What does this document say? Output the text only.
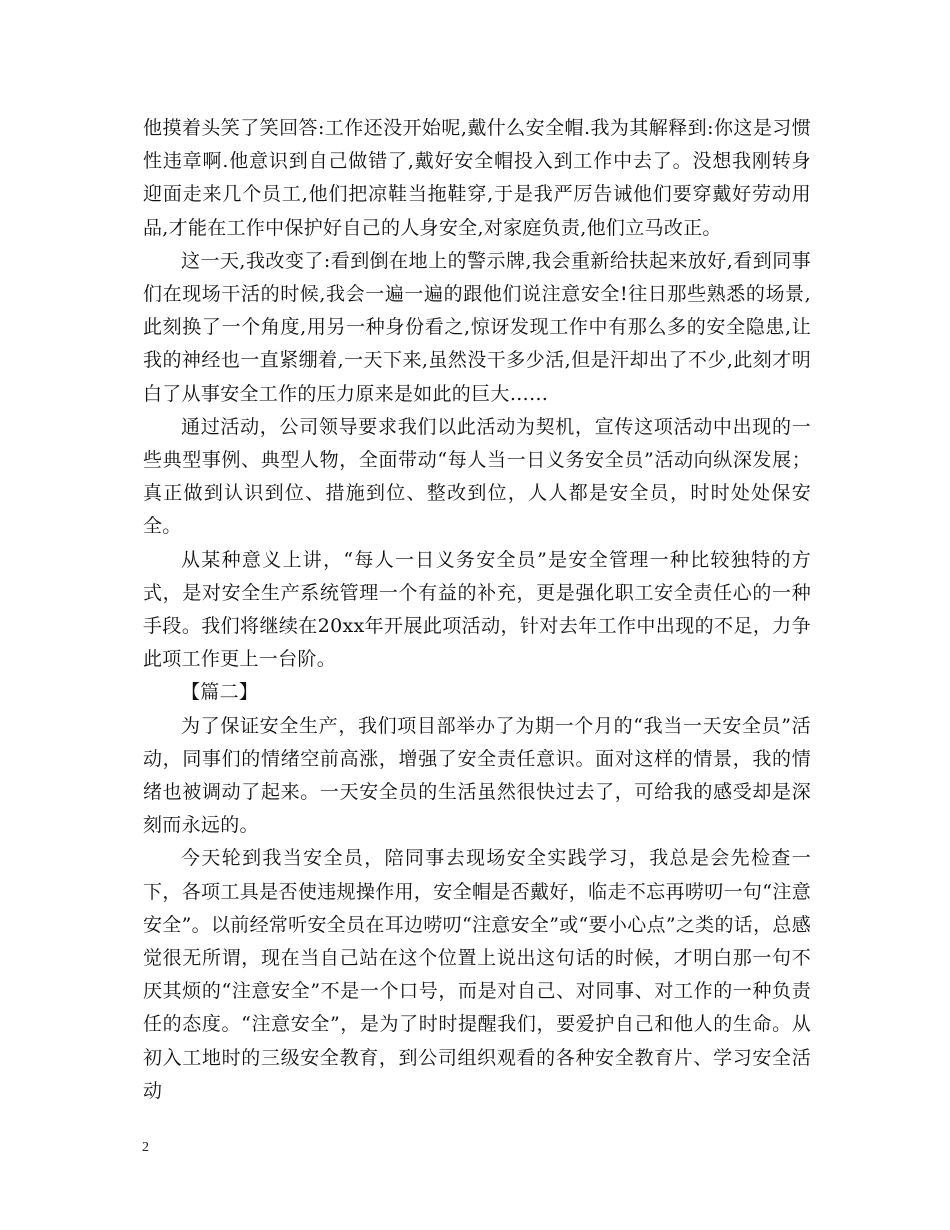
他摸着头笑了笑回答:工作还没开始呢,戴什么安全帽.我为其解释到:你这是习惯性违章啊.他意识到自己做错了,戴好安全帽投入到工作中去了。没想我刚转身迎面走来几个员工,他们把凉鞋当拖鞋穿,于是我严厉告诫他们要穿戴好劳动用品,才能在工作中保护好自己的人身安全,对家庭负责,他们立马改正。

这一天,我改变了:看到倒在地上的警示牌,我会重新给扶起来放好,看到同事们在现场干活的时候,我会一遍一遍的跟他们说注意安全!往日那些熟悉的场景,此刻换了一个角度,用另一种身份看之,惊讶发现工作中有那么多的安全隐患,让我的神经也一直紧绷着,一天下来,虽然没干多少活,但是汗却出了不少,此刻才明白了从事安全工作的压力原来是如此的巨大……

通过活动，公司领导要求我们以此活动为契机，宣传这项活动中出现的一些典型事例、典型人物，全面带动“每人当一日义务安全员”活动向纵深发展；真正做到认识到位、措施到位、整改到位，人人都是安全员，时时处处保安全。

从某种意义上讲，“每人一日义务安全员”是安全管理一种比较独特的方式，是对安全生产系统管理一个有益的补充，更是强化职工安全责任心的一种手段。我们将继续在20xx年开展此项活动，针对去年工作中出现的不足，力争此项工作更上一台阶。

【篇二】

为了保证安全生产，我们项目部举办了为期一个月的“我当一天安全员”活动，同事们的情绪空前高涨，增强了安全责任意识。面对这样的情景，我的情绪也被调动了起来。一天安全员的生活虽然很快过去了，可给我的感受却是深刻而永远的。

今天轮到我当安全员，陪同事去现场安全实践学习，我总是会先检查一下，各项工具是否使违规操作用，安全帽是否戴好，临走不忘再唠叨一句“注意安全”。以前经常听安全员在耳边唠叨“注意安全”或“要小心点”之类的话，总感觉很无所谓，现在当自己站在这个位置上说出这句话的时候，才明白那一句不厌其烦的“注意安全”不是一个口号，而是对自己、对同事、对工作的一种负责任的态度。“注意安全”，是为了时时提醒我们，要爱护自己和他人的生命。从初入工地时的三级安全教育，到公司组织观看的各种安全教育片、学习安全活动

2
